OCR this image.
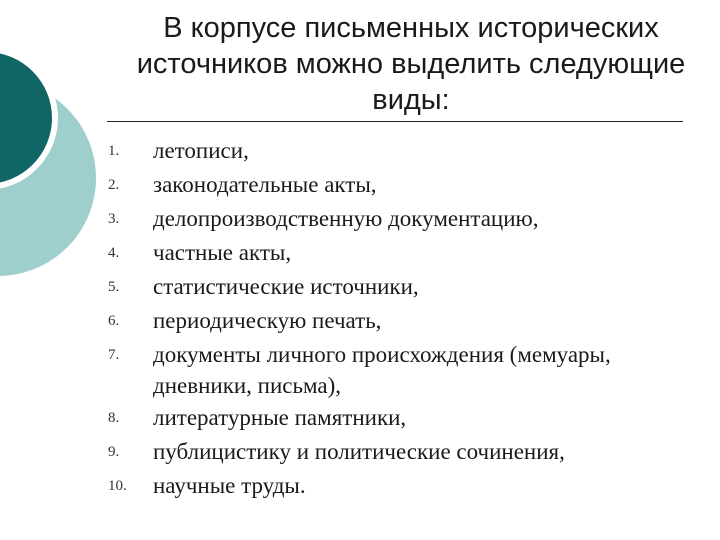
В корпусе письменных исторических источников можно выделить следующие виды:
1.	летописи,
2.	законодательные акты,
3.	делопроизводственную документацию,
4.	частные акты,
5.	статистические источники,
6.	периодическую печать,
7.	документы личного происхождения (мемуары, дневники, письма),
8.	литературные памятники,
9.	публицистику и политические сочинения,
10.	научные труды.
